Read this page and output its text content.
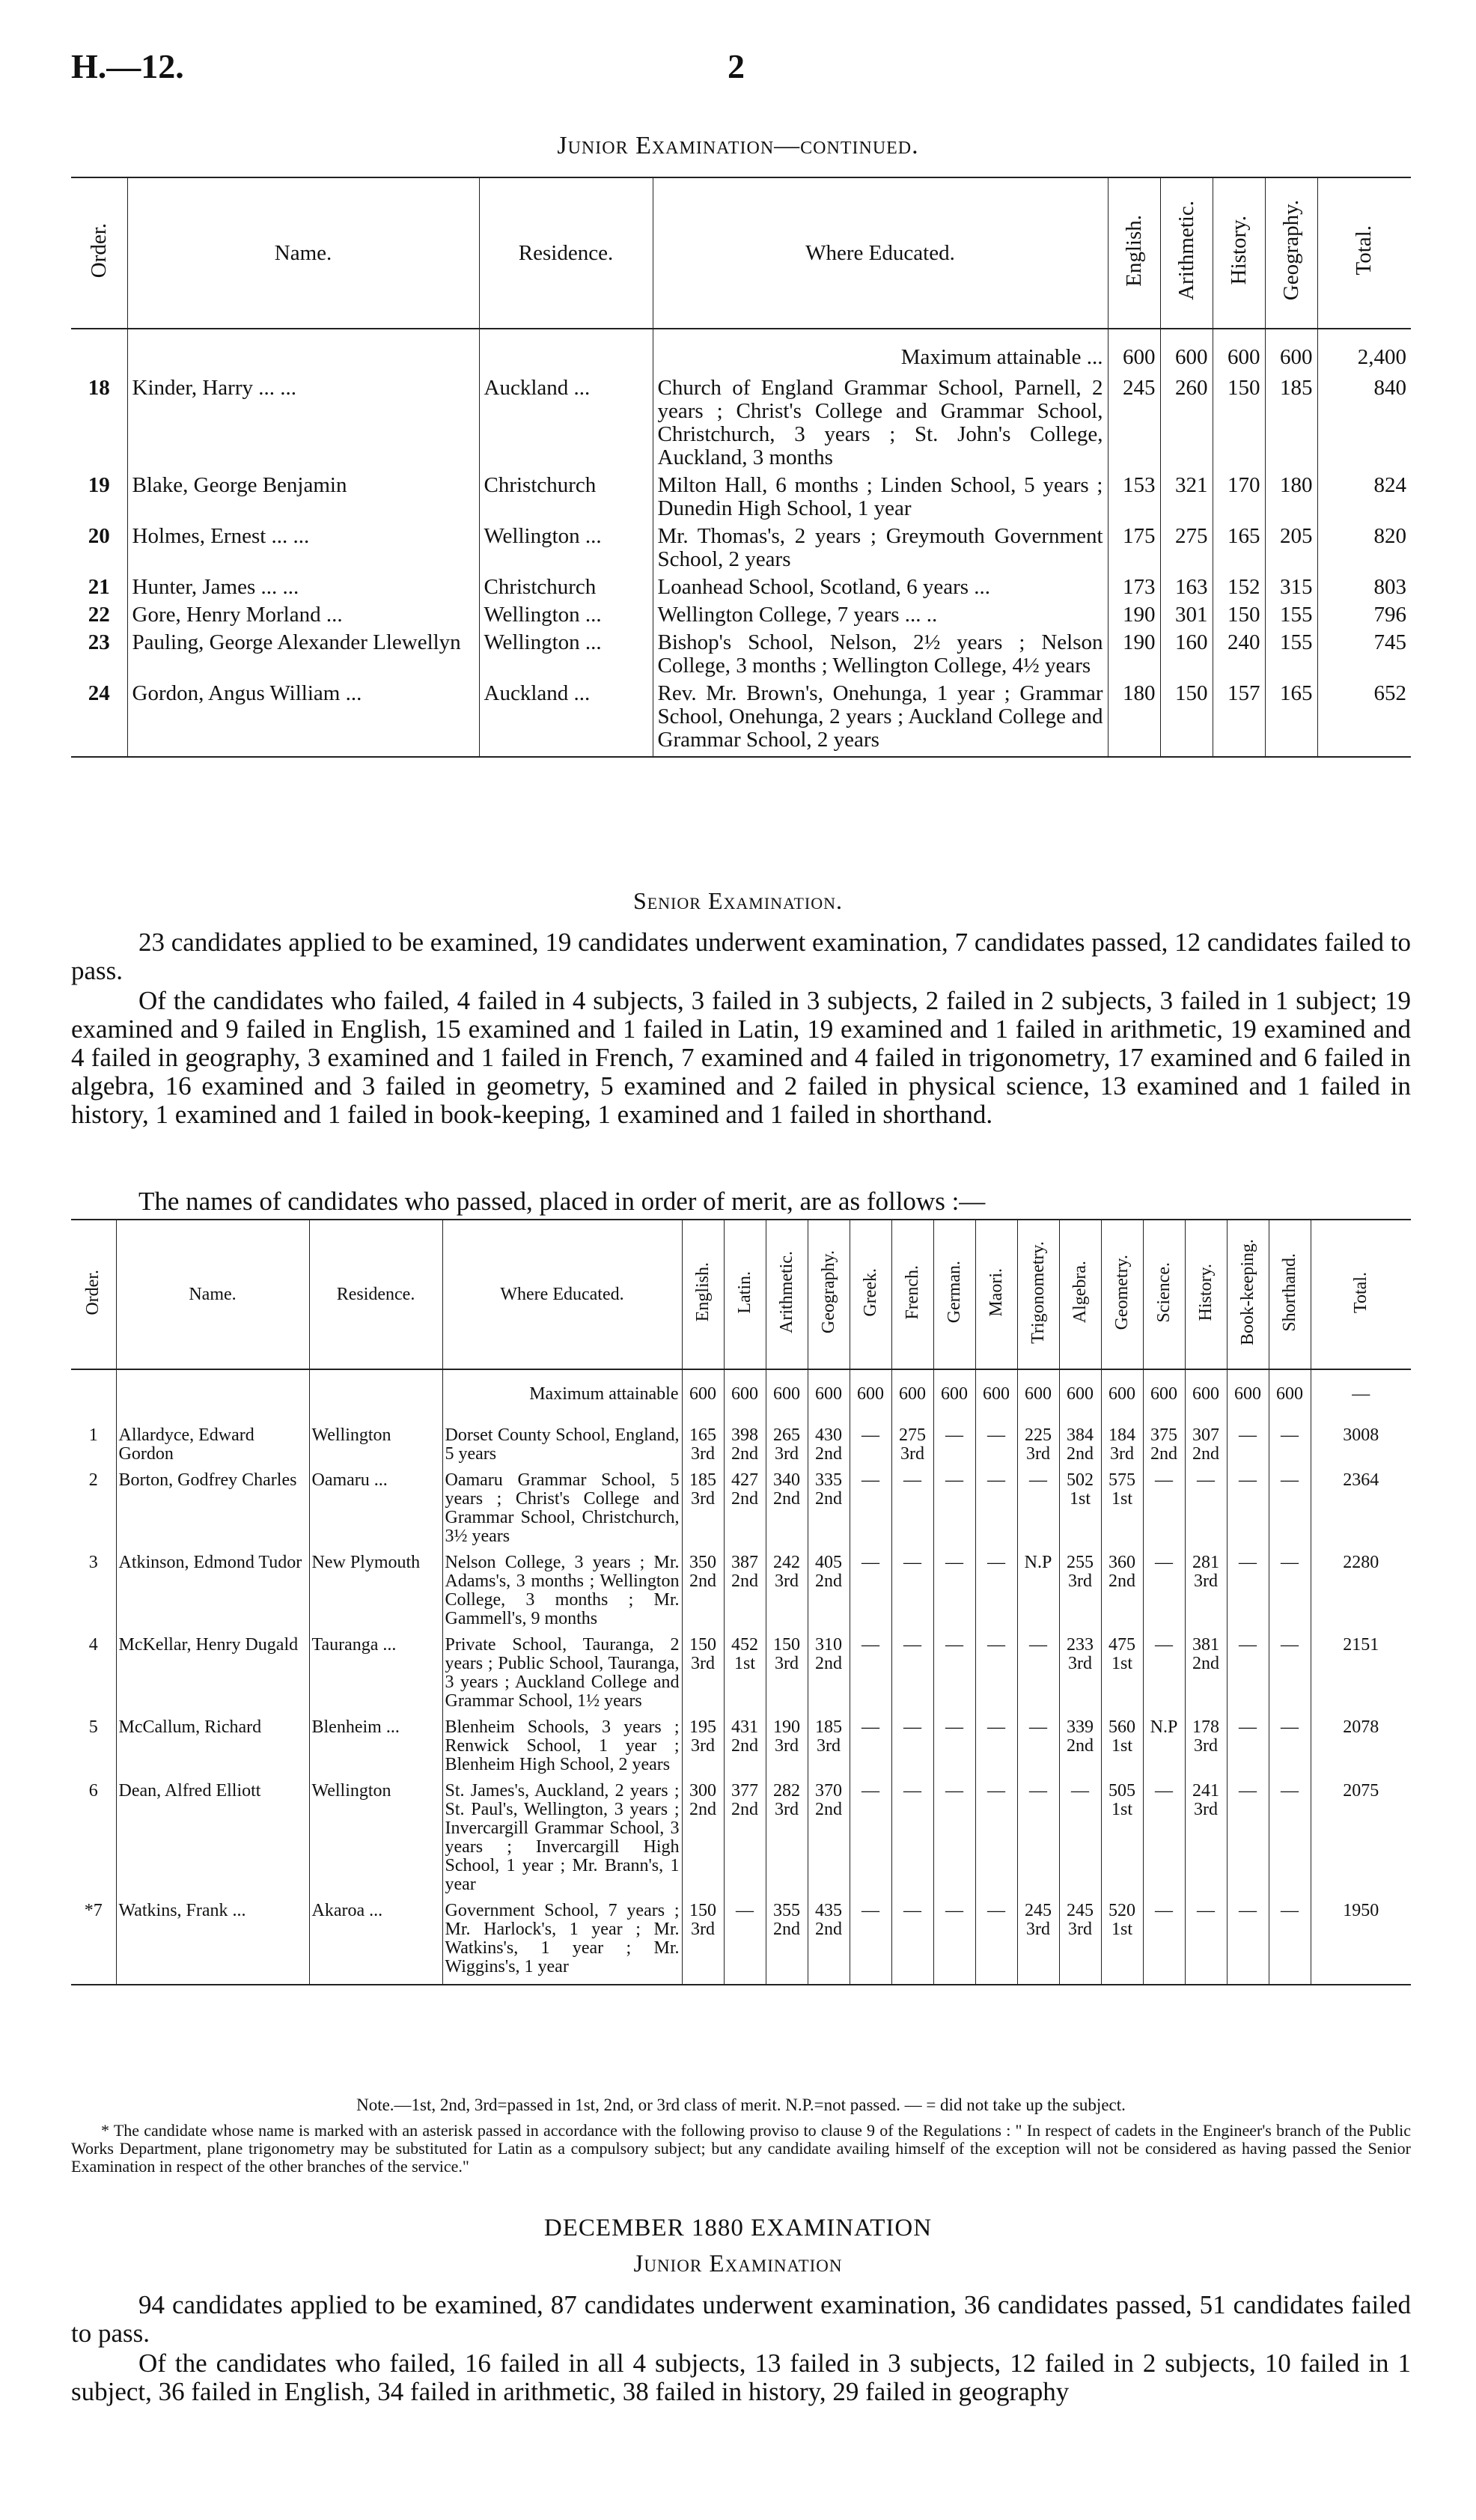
H.—12.	2
Junior Examination—continued.
Order.	Name.	Residence.	Where Educated.	English.	Arithmetic.	History.	Geography.	Total.
			Maximum attainable ...	600	600	600	600	2,400
18	Kinder, Harry ... ...	Auckland ...	Church of England Grammar School, Parnell, 2 years ; Christ's College and Grammar School, Christchurch, 3 years ; St. John's College, Auckland, 3 months	245	260	150	185	840
19	Blake, George Benjamin	Christchurch	Milton Hall, 6 months ; Linden School, 5 years ; Dunedin High School, 1 year	153	321	170	180	824
20	Holmes, Ernest ... ...	Wellington ...	Mr. Thomas's, 2 years ; Greymouth Government School, 2 years	175	275	165	205	820
21	Hunter, James ... ...	Christchurch	Loanhead School, Scotland, 6 years ...	173	163	152	315	803
22	Gore, Henry Morland ...	Wellington ...	Wellington College, 7 years ... ..	190	301	150	155	796
23	Pauling, George Alexander Llewellyn	Wellington ...	Bishop's School, Nelson, 2½ years ; Nelson College, 3 months ; Wellington College, 4½ years	190	160	240	155	745
24	Gordon, Angus William ...	Auckland ...	Rev. Mr. Brown's, Onehunga, 1 year ; Grammar School, Onehunga, 2 years ; Auckland College and Grammar School, 2 years	180	150	157	165	652
Senior Examination.
23 candidates applied to be examined, 19 candidates underwent examination, 7 candidates passed, 12 candidates failed to pass.
Of the candidates who failed, 4 failed in 4 subjects, 3 failed in 3 subjects, 2 failed in 2 subjects, 3 failed in 1 subject; 19 examined and 9 failed in English, 15 examined and 1 failed in Latin, 19 examined and 1 failed in arithmetic, 19 examined and 4 failed in geography, 3 examined and 1 failed in French, 7 examined and 4 failed in trigonometry, 17 examined and 6 failed in algebra, 16 examined and 3 failed in geometry, 5 examined and 2 failed in physical science, 13 examined and 1 failed in history, 1 examined and 1 failed in book-keeping, 1 examined and 1 failed in shorthand.
The names of candidates who passed, placed in order of merit, are as follows :—
Order.	Name.	Residence.	Where Educated.	English.	Latin.	Arithmetic.	Geography.	Greek.	French.	German.	Maori.	Trigonometry.	Algebra.	Geometry.	Science.	History.	Book-keeping.	Shorthand.	Total.
			Maximum attainable	600	600	600	600	600	600	600	600	600	600	600	600	600	600	600	—
1	Allardyce, Edward Gordon	Wellington	Dorset County School, England, 5 years	165 3rd	398 2nd	265 3rd	430 2nd	—	275 3rd	—	—	225 3rd	384 2nd	184 3rd	375 2nd	307 2nd	—	—	3008
2	Borton, Godfrey Charles	Oamaru ...	Oamaru Grammar School, 5 years ; Christ's College and Grammar School, Christchurch, 3½ years	185 3rd	427 2nd	340 2nd	335 2nd	—	—	—	—	—	502 1st	575 1st	—	—	—	—	2364
3	Atkinson, Edmond Tudor	New Plymouth	Nelson College, 3 years ; Mr. Adams's, 3 months ; Wellington College, 3 months ; Mr. Gammell's, 9 months	350 2nd	387 2nd	242 3rd	405 2nd	—	—	—	—	N.P	255 3rd	360 2nd	—	281 3rd	—	—	2280
4	McKellar, Henry Dugald	Tauranga ...	Private School, Tauranga, 2 years ; Public School, Tauranga, 3 years ; Auckland College and Grammar School, 1½ years	150 3rd	452 1st	150 3rd	310 2nd	—	—	—	—	—	233 3rd	475 1st	—	381 2nd	—	—	2151
5	McCallum, Richard	Blenheim ...	Blenheim Schools, 3 years ; Renwick School, 1 year ; Blenheim High School, 2 years	195 3rd	431 2nd	190 3rd	185 3rd	—	—	—	—	—	339 2nd	560 1st	N.P	178 3rd	—	—	2078
6	Dean, Alfred Elliott	Wellington	St. James's, Auckland, 2 years ; St. Paul's, Wellington, 3 years ; Invercargill Grammar School, 3 years ; Invercargill High School, 1 year ; Mr. Brann's, 1 year	300 2nd	377 2nd	282 3rd	370 2nd	—	—	—	—	—	—	505 1st	—	241 3rd	—	—	2075
*7	Watkins, Frank ...	Akaroa ...	Government School, 7 years ; Mr. Harlock's, 1 year ; Mr. Watkins's, 1 year ; Mr. Wiggins's, 1 year	150 3rd	—	355 2nd	435 2nd	—	—	—	—	245 3rd	245 3rd	520 1st	—	—	—	—	1950
Note.—1st, 2nd, 3rd=passed in 1st, 2nd, or 3rd class of merit. N.P.=not passed. — = did not take up the subject.
* The candidate whose name is marked with an asterisk passed in accordance with the following proviso to clause 9 of the Regulations : " In respect of cadets in the Engineer's branch of the Public Works Department, plane trigonometry may be substituted for Latin as a compulsory subject; but any candidate availing himself of the exception will not be considered as having passed the Senior Examination in respect of the other branches of the service."
DECEMBER 1880 EXAMINATION
Junior Examination
94 candidates applied to be examined, 87 candidates underwent examination, 36 candidates passed, 51 candidates failed to pass.
Of the candidates who failed, 16 failed in all 4 subjects, 13 failed in 3 subjects, 12 failed in 2 subjects, 10 failed in 1 subject, 36 failed in English, 34 failed in arithmetic, 38 failed in history, 29 failed in geography
